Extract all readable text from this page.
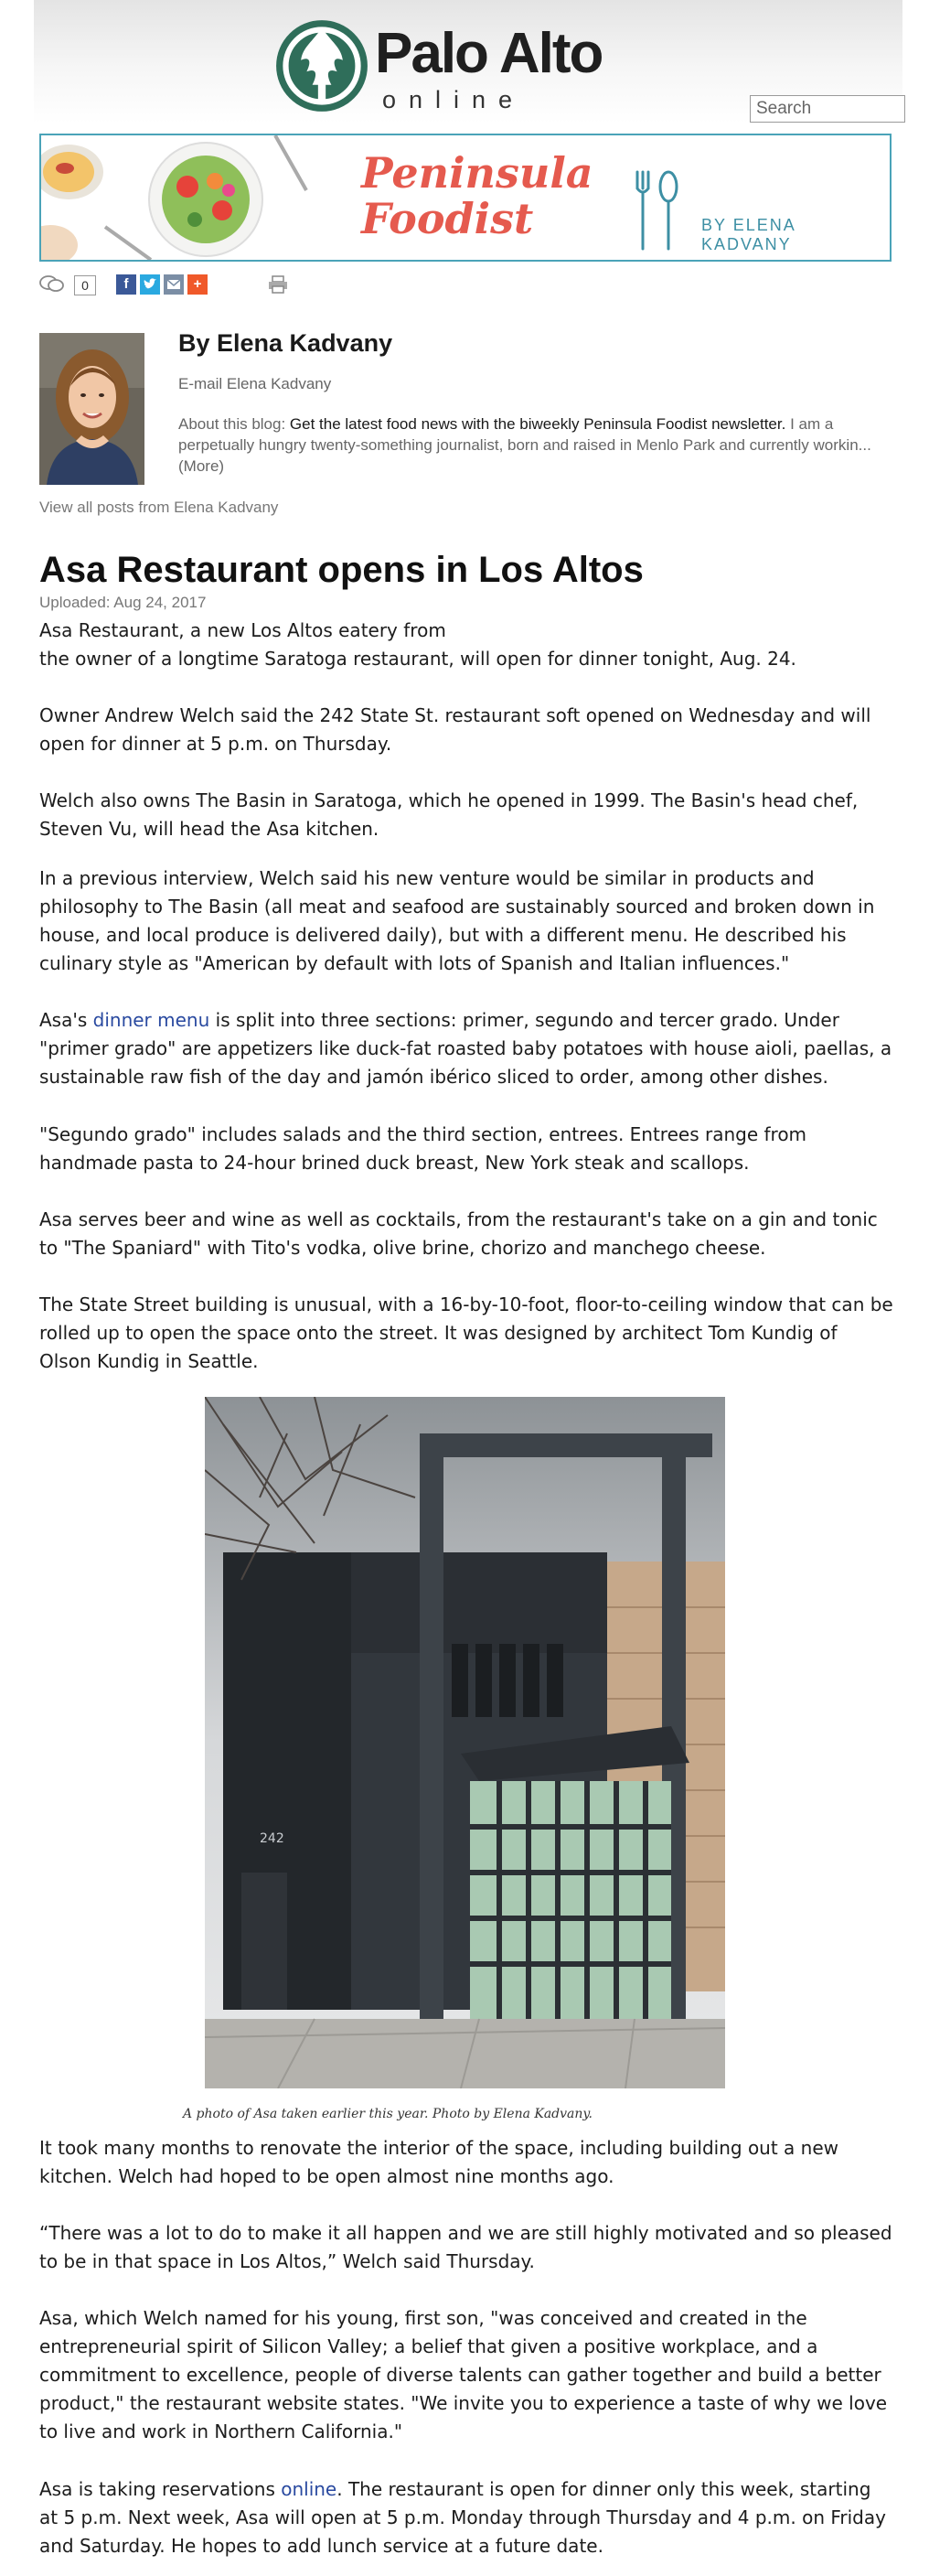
Palo Alto
online
Search
Peninsula
Foodist	BY ELENA KADVANY
0	f	+
By Elena Kadvany
E-mail Elena Kadvany
About this blog: Get the latest food news with the biweekly Peninsula Foodist newsletter. I am a perpetually hungry twenty-something journalist, born and raised in Menlo Park and currently workin... (More)
View all posts from Elena Kadvany
Asa Restaurant opens in Los Altos
Uploaded: Aug 24, 2017
Asa Restaurant, a new Los Altos eatery from
the owner of a longtime Saratoga restaurant, will open for dinner tonight, Aug. 24.
Owner Andrew Welch said the 242 State St. restaurant soft opened on Wednesday and will open for dinner at 5 p.m. on Thursday.
Welch also owns The Basin in Saratoga, which he opened in 1999. The Basin's head chef, Steven Vu, will head the Asa kitchen.
In a previous interview, Welch said his new venture would be similar in products and philosophy to The Basin (all meat and seafood are sustainably sourced and broken down in house, and local produce is delivered daily), but with a different menu. He described his culinary style as "American by default with lots of Spanish and Italian influences."
Asa's dinner menu is split into three sections: primer, segundo and tercer grado. Under "primer grado" are appetizers like duck-fat roasted baby potatoes with house aioli, paellas, a sustainable raw fish of the day and jamón ibérico sliced to order, among other dishes.
"Segundo grado" includes salads and the third section, entrees. Entrees range from handmade pasta to 24-hour brined duck breast, New York steak and scallops.
Asa serves beer and wine as well as cocktails, from the restaurant's take on a gin and tonic to "The Spaniard" with Tito's vodka, olive brine, chorizo and manchego cheese.
The State Street building is unusual, with a 16-by-10-foot, floor-to-ceiling window that can be rolled up to open the space onto the street. It was designed by architect Tom Kundig of Olson Kundig in Seattle.
242
A photo of Asa taken earlier this year. Photo by Elena Kadvany.
It took many months to renovate the interior of the space, including building out a new kitchen. Welch had hoped to be open almost nine months ago.
“There was a lot to do to make it all happen and we are still highly motivated and so pleased to be in that space in Los Altos,” Welch said Thursday.
Asa, which Welch named for his young, first son, "was conceived and created in the entrepreneurial spirit of Silicon Valley; a belief that given a positive workplace, and a commitment to excellence, people of diverse talents can gather together and build a better product," the restaurant website states. "We invite you to experience a taste of why we love to live and work in Northern California."
Asa is taking reservations online. The restaurant is open for dinner only this week, starting at 5 p.m. Next week, Asa will open at 5 p.m. Monday through Thursday and 4 p.m. on Friday and Saturday. He hopes to add lunch service at a future date.
